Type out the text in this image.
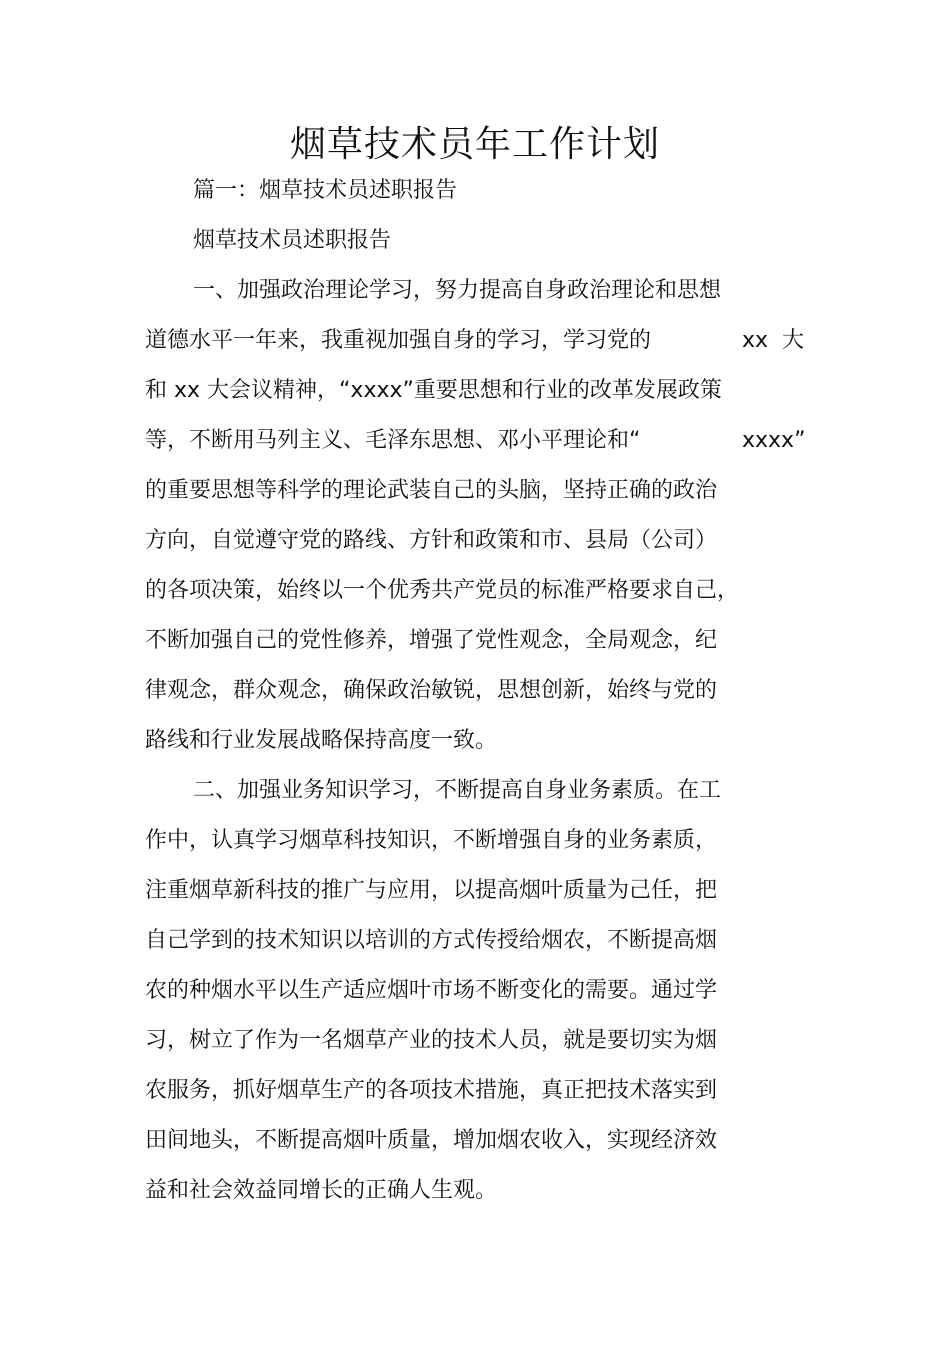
烟草技术员年工作计划

篇一：烟草技术员述职报告

烟草技术员述职报告

一、加强政治理论学习，努力提高自身政治理论和思想

道德水平一年来，我重视加强自身的学习，学习党的	xx 大

和 xx 大会议精神，“xxxx”重要思想和行业的改革发展政策

等，不断用马列主义、毛泽东思想、邓小平理论和“	xxxx”

的重要思想等科学的理论武装自己的头脑，坚持正确的政治

方向，自觉遵守党的路线、方针和政策和市、县局（公司）

的各项决策，始终以一个优秀共产党员的标准严格要求自己，

不断加强自己的党性修养，增强了党性观念，全局观念，纪

律观念，群众观念，确保政治敏锐，思想创新，始终与党的

路线和行业发展战略保持高度一致。

二、加强业务知识学习，不断提高自身业务素质。在工

作中，认真学习烟草科技知识，不断增强自身的业务素质，

注重烟草新科技的推广与应用，以提高烟叶质量为己任，把

自己学到的技术知识以培训的方式传授给烟农，不断提高烟

农的种烟水平以生产适应烟叶市场不断变化的需要。通过学

习，树立了作为一名烟草产业的技术人员，就是要切实为烟

农服务，抓好烟草生产的各项技术措施，真正把技术落实到

田间地头，不断提高烟叶质量，增加烟农收入，实现经济效

益和社会效益同增长的正确人生观。
